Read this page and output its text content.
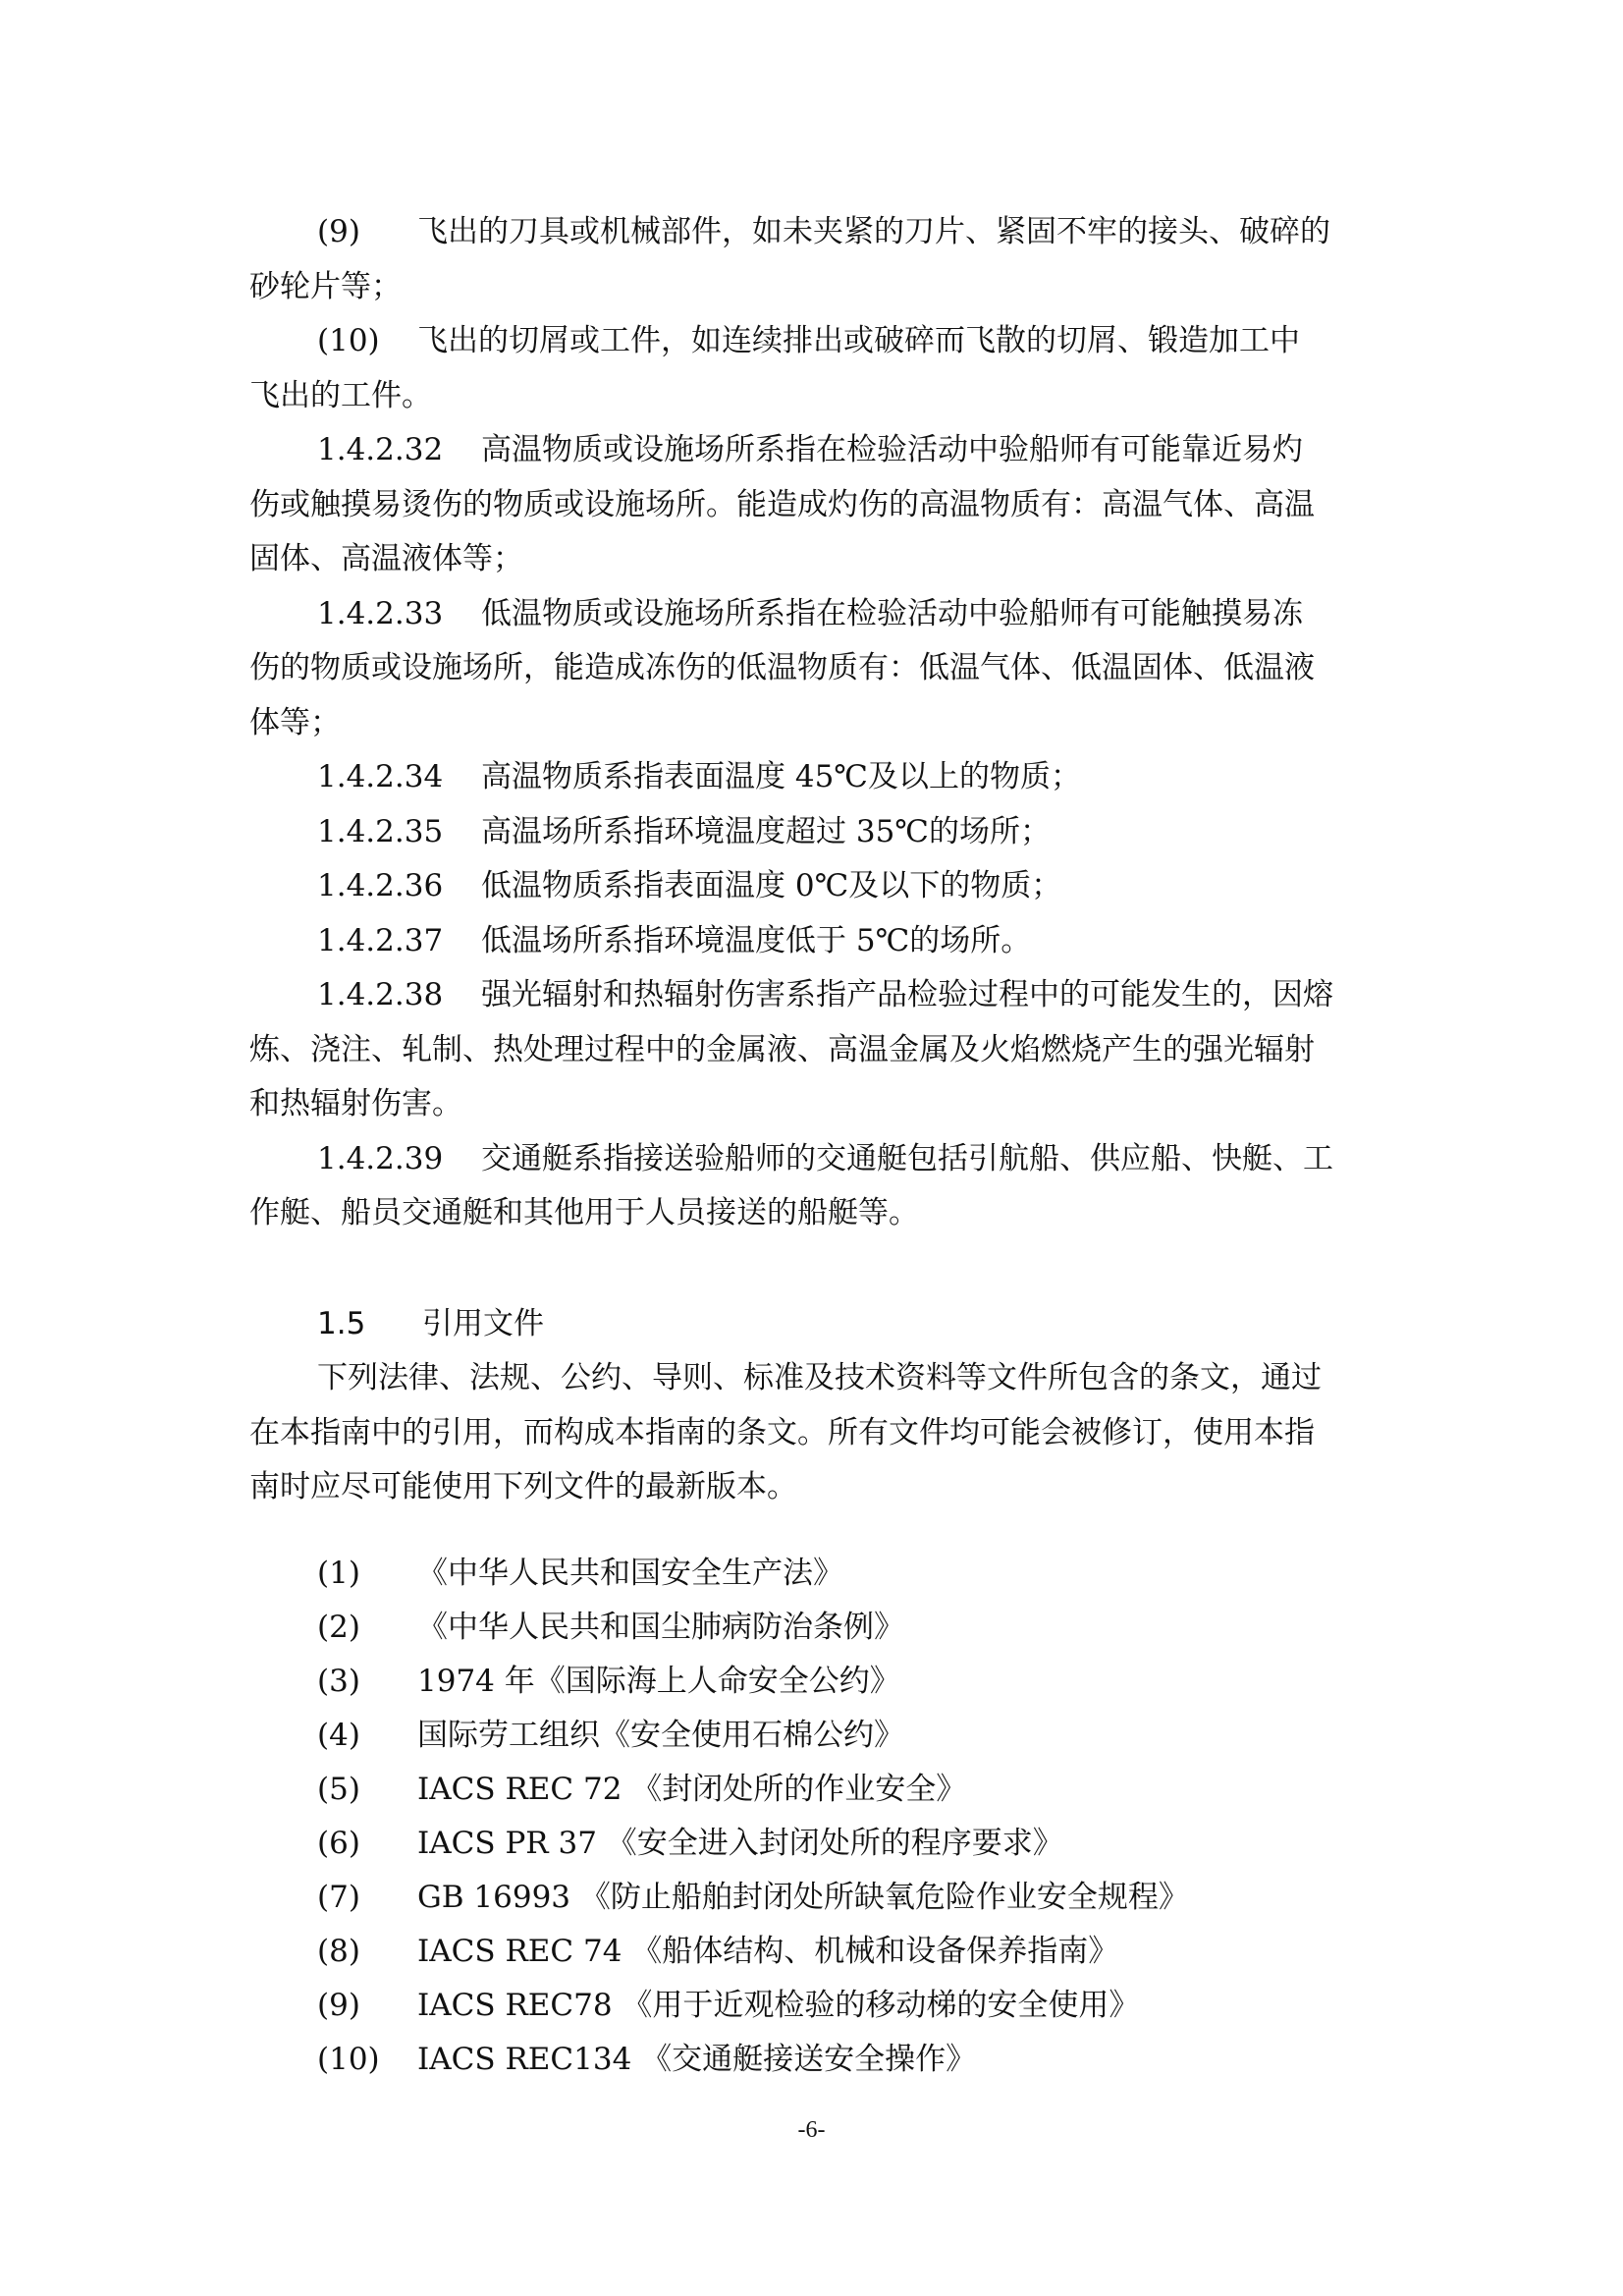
(9) 飞出的刀具或机械部件，如未夹紧的刀片、紧固不牢的接头、破碎的
砂轮片等；
(10) 飞出的切屑或工件，如连续排出或破碎而飞散的切屑、锻造加工中
飞出的工件。
1.4.2.32 高温物质或设施场所系指在检验活动中验船师有可能靠近易灼
伤或触摸易烫伤的物质或设施场所。能造成灼伤的高温物质有：高温气体、高温
固体、高温液体等；
1.4.2.33 低温物质或设施场所系指在检验活动中验船师有可能触摸易冻
伤的物质或设施场所，能造成冻伤的低温物质有：低温气体、低温固体、低温液
体等；
1.4.2.34 高温物质系指表面温度 45℃及以上的物质；
1.4.2.35 高温场所系指环境温度超过 35℃的场所；
1.4.2.36 低温物质系指表面温度 0℃及以下的物质；
1.4.2.37 低温场所系指环境温度低于 5℃的场所。
1.4.2.38 强光辐射和热辐射伤害系指产品检验过程中的可能发生的，因熔
炼、浇注、轧制、热处理过程中的金属液、高温金属及火焰燃烧产生的强光辐射
和热辐射伤害。
1.4.2.39 交通艇系指接送验船师的交通艇包括引航船、供应船、快艇、工
作艇、船员交通艇和其他用于人员接送的船艇等。
1.5 引用文件
下列法律、法规、公约、导则、标准及技术资料等文件所包含的条文，通过
在本指南中的引用，而构成本指南的条文。所有文件均可能会被修订，使用本指
南时应尽可能使用下列文件的最新版本。
(1) 《中华人民共和国安全生产法》
(2) 《中华人民共和国尘肺病防治条例》
(3) 1974 年《国际海上人命安全公约》
(4) 国际劳工组织《安全使用石棉公约》
(5) IACS REC 72 《封闭处所的作业安全》
(6) IACS PR 37 《安全进入封闭处所的程序要求》
(7) GB 16993 《防止船舶封闭处所缺氧危险作业安全规程》
(8) IACS REC 74 《船体结构、机械和设备保养指南》
(9) IACS REC78 《用于近观检验的移动梯的安全使用》
(10) IACS REC134 《交通艇接送安全操作》
-6-
